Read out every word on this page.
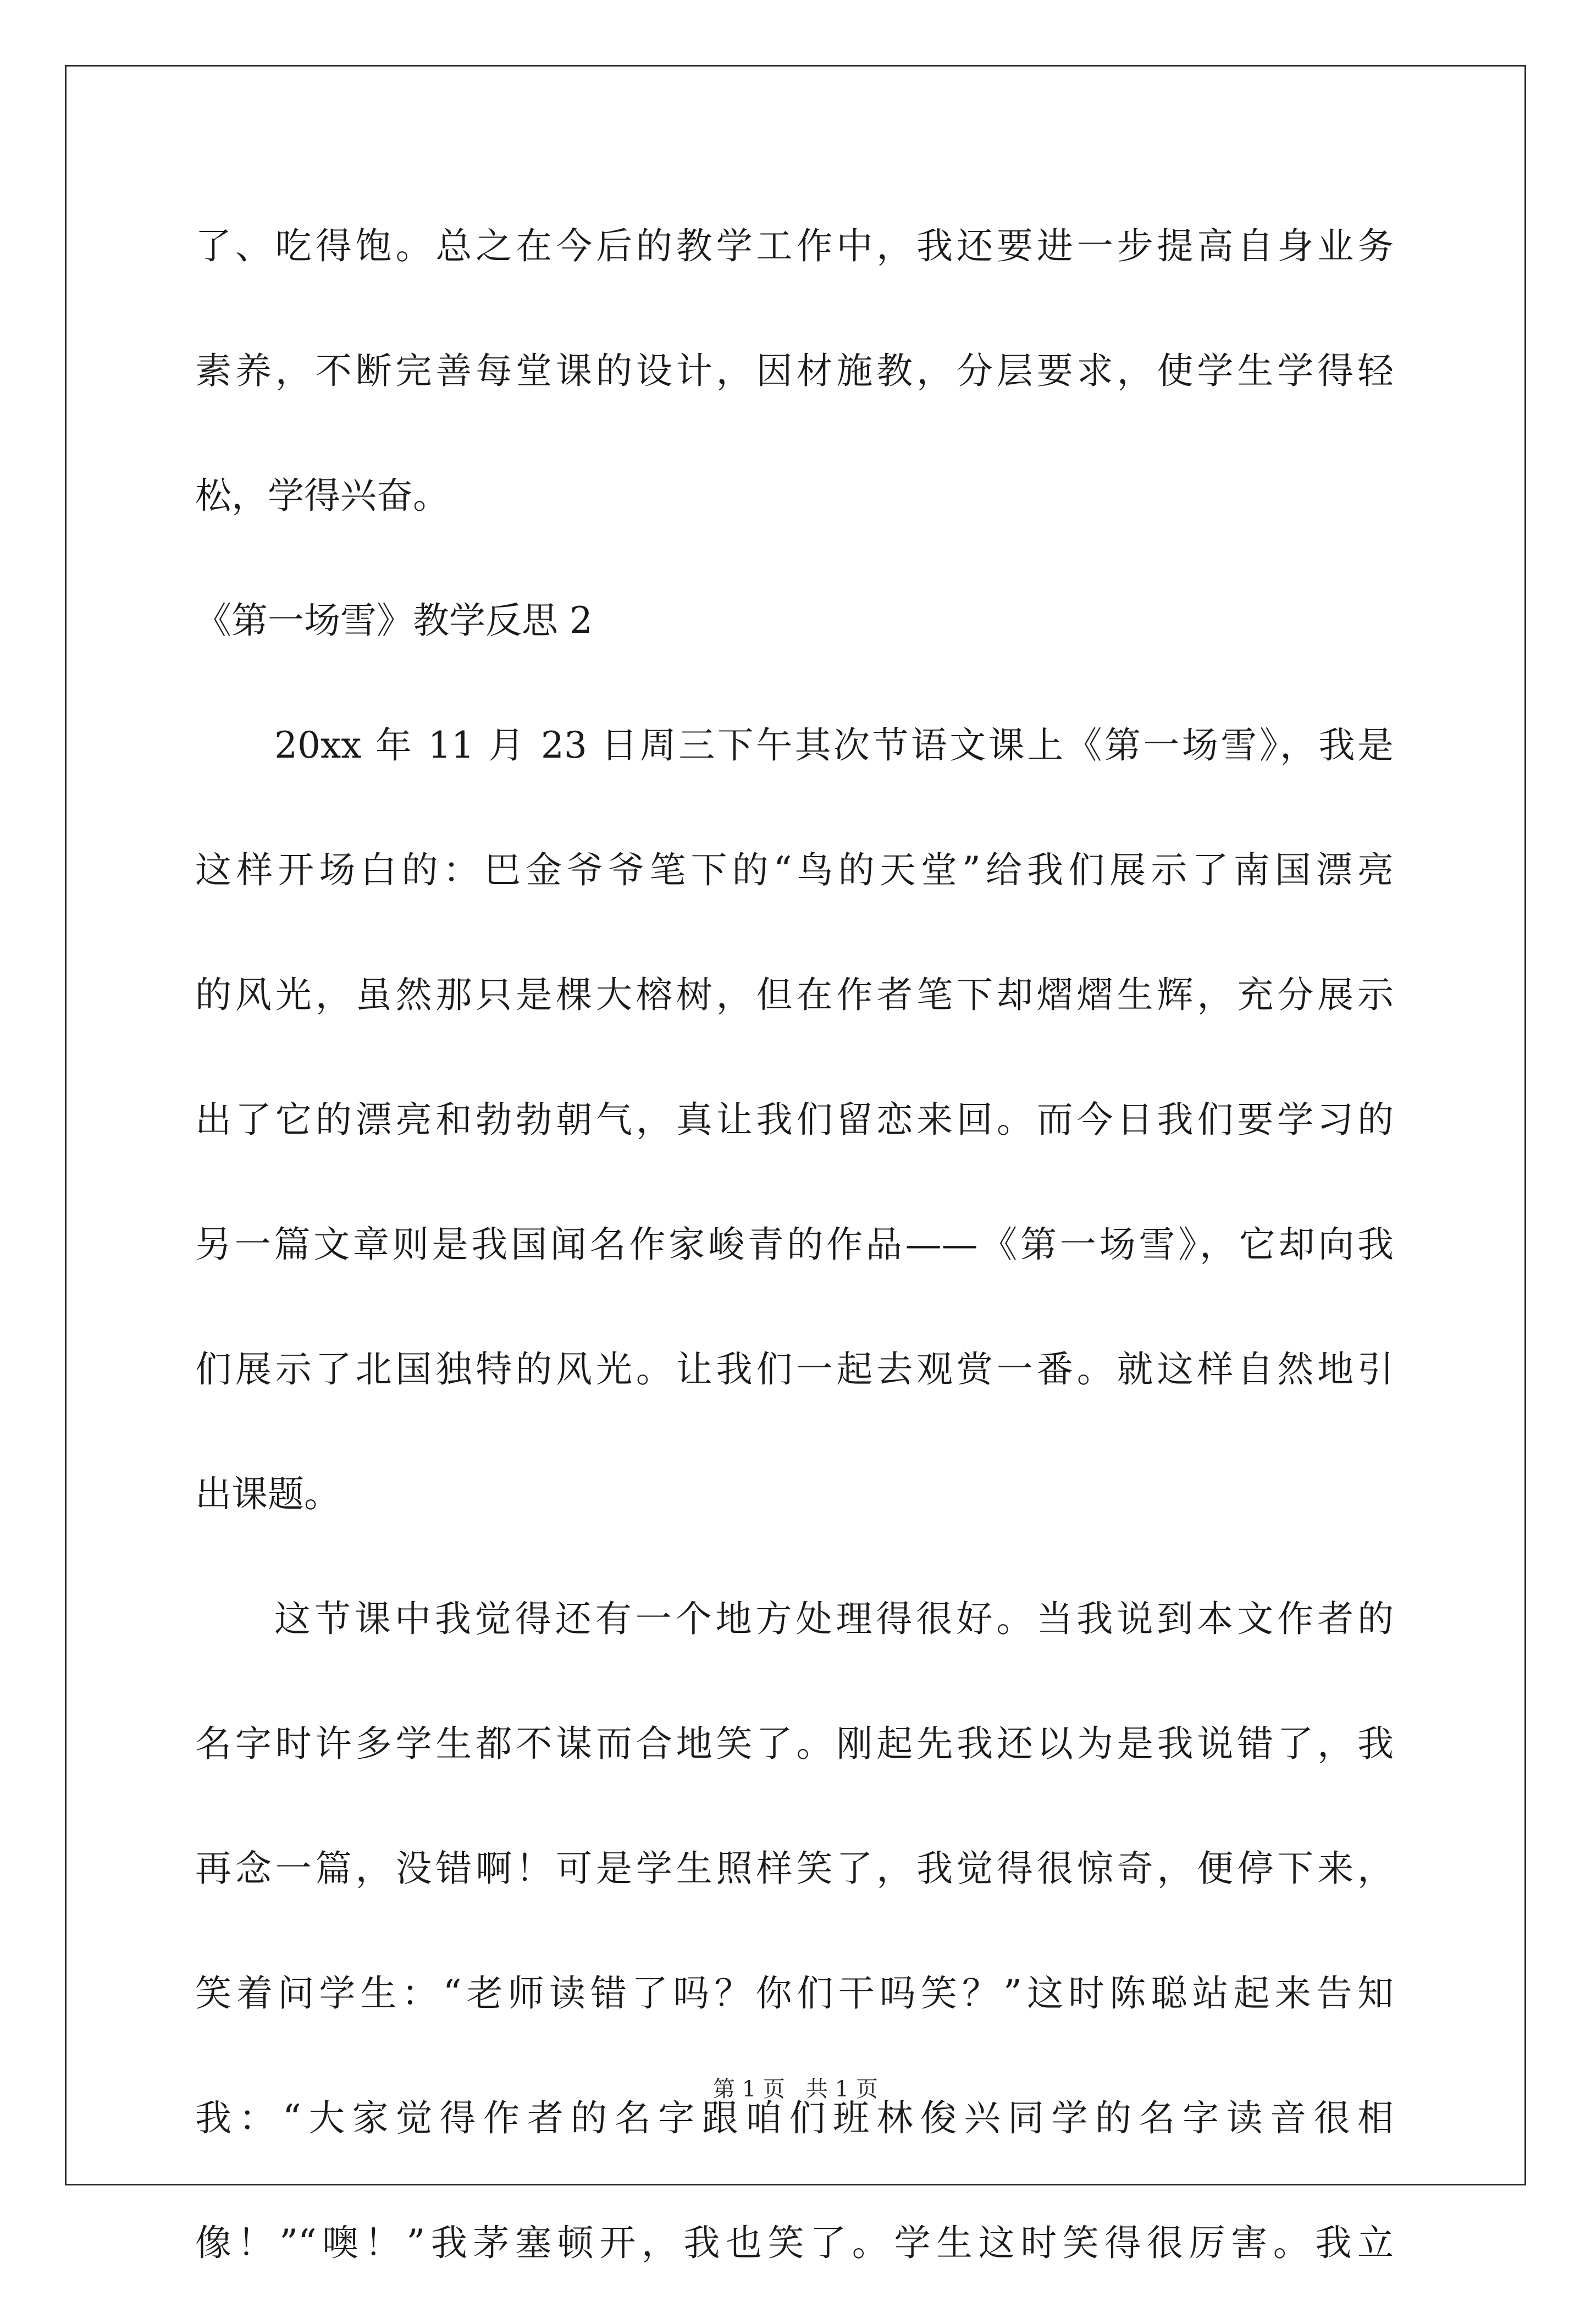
了、吃得饱。总之在今后的教学工作中，我还要进一步提高自身业务
素养，不断完善每堂课的设计，因材施教，分层要求，使学生学得轻
松，学得兴奋。
《第一场雪》教学反思 2
20xx 年 11 月 23 日周三下午其次节语文课上《第一场雪》，我是
这样开场白的：巴金爷爷笔下的“鸟的天堂”给我们展示了南国漂亮
的风光，虽然那只是棵大榕树，但在作者笔下却熠熠生辉，充分展示
出了它的漂亮和勃勃朝气，真让我们留恋来回。而今日我们要学习的
另一篇文章则是我国闻名作家峻青的作品——《第一场雪》，它却向我
们展示了北国独特的风光。让我们一起去观赏一番。就这样自然地引
出课题。
这节课中我觉得还有一个地方处理得很好。当我说到本文作者的
名字时许多学生都不谋而合地笑了。刚起先我还以为是我说错了，我
再念一篇，没错啊！可是学生照样笑了，我觉得很惊奇，便停下来，
笑着问学生：“老师读错了吗？你们干吗笑？”这时陈聪站起来告知
我：“大家觉得作者的名字跟咱们班林俊兴同学的名字读音很相
像！”“噢！”我茅塞顿开，我也笑了。学生这时笑得很厉害。我立
第 1 页   共 1 页
